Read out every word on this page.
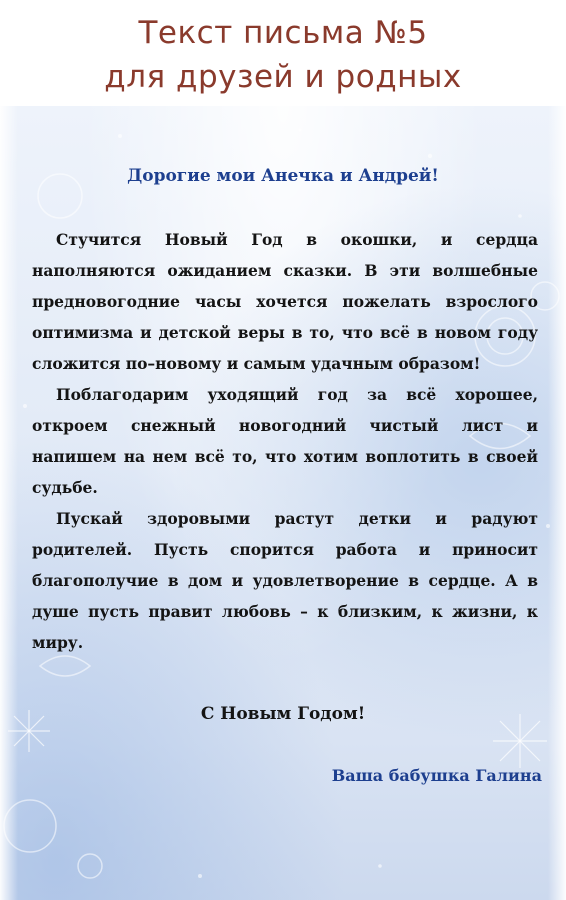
Текст письма №5
для друзей и родных
Дорогие мои Анечка и Андрей!

Стучится Новый Год в окошки, и сердца наполняются ожиданием сказки. В эти волшебные предновогодние часы хочется пожелать взрослого оптимизма и детской веры в то, что всё в новом году сложится по–новому и самым удачным образом!

Поблагодарим уходящий год за всё хорошее, откроем снежный новогодний чистый лист и напишем на нем всё то, что хотим воплотить в своей судьбе.

Пускай здоровыми растут детки и радуют родителей. Пусть спорится работа и приносит благополучие в дом и удовлетворение в сердце. А в душе пусть правит любовь – к близким, к жизни, к миру.

С Новым Годом!
Ваша бабушка Галина
